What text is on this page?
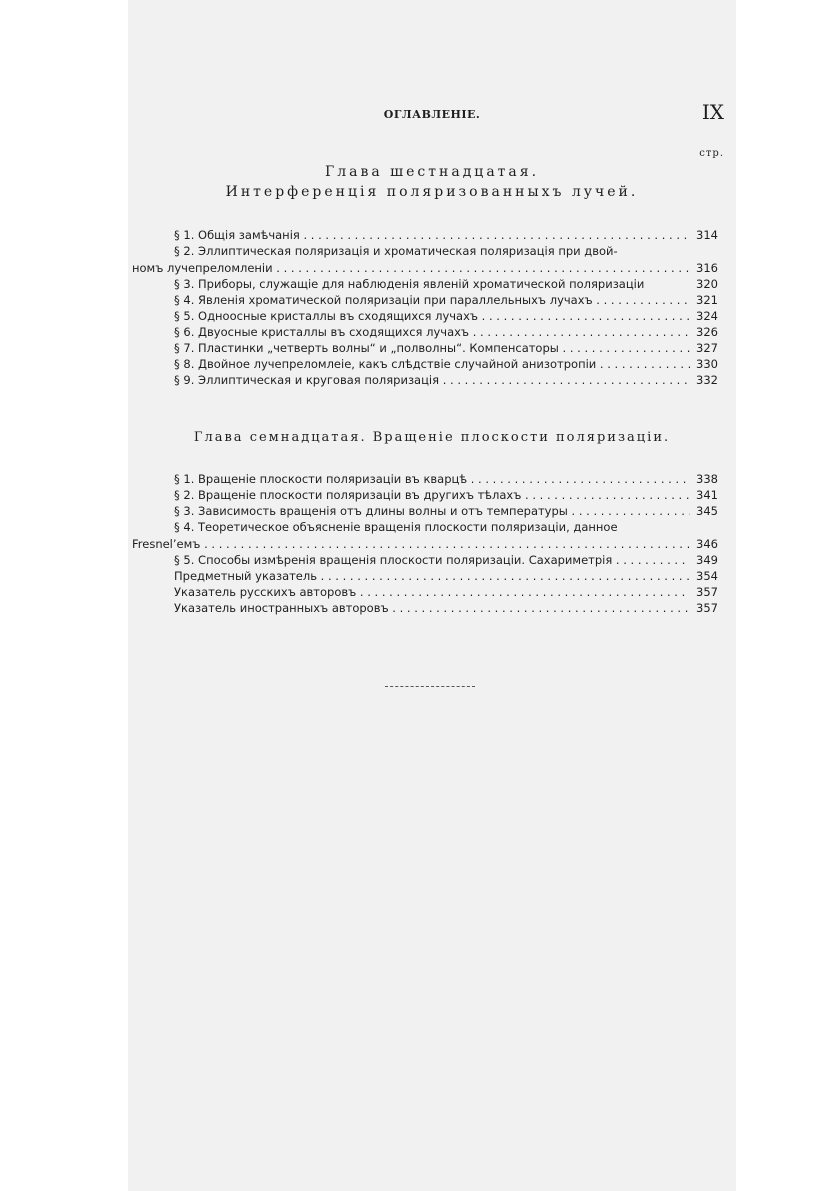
ОГЛАВЛЕНІЕ.	IX
стр.
Глава шестнадцатая.
Интерференція поляризованныхъ лучей.
§ 1. Общія замѣчанія . . .	314
§ 2. Эллиптическая поляризація и хроматическая поляризація при двой-
номъ лучепреломленіи . . .	316
§ 3. Приборы, служащіе для наблюденія явленій хроматической поляризаціи	320
§ 4. Явленія хроматической поляризаціи при параллельныхъ лучахъ . . .	321
§ 5. Одноосные кристаллы въ сходящихся лучахъ . . .	324
§ 6. Двуосные кристаллы въ сходящихся лучахъ . . .	326
§ 7. Пластинки „четверть волны“ и „полволны“. Компенсаторы . . .	327
§ 8. Двойное лучепреломлеіе, какъ слѣдствіе случайной анизотропіи . . .	330
§ 9. Эллиптическая и круговая поляризація . . .	332
Глава семнадцатая. Вращеніе плоскости поляризаціи.
§ 1. Вращеніе плоскости поляризаціи въ кварцѣ . . .	338
§ 2. Вращеніе плоскости поляризаціи въ другихъ тѣлахъ . . .	341
§ 3. Зависимость вращенія отъ длины волны и отъ температуры . . .	345
§ 4. Теоретическое объясненіе вращенія плоскости поляризаціи, данное
Fresnel’емъ . . .	346
§ 5. Способы измѣренія вращенія плоскости поляризаціи. Сахариметрія . . .	349
Предметный указатель . . .	354
Указатель русскихъ авторовъ . . .	357
Указатель иностранныхъ авторовъ . . .	357
